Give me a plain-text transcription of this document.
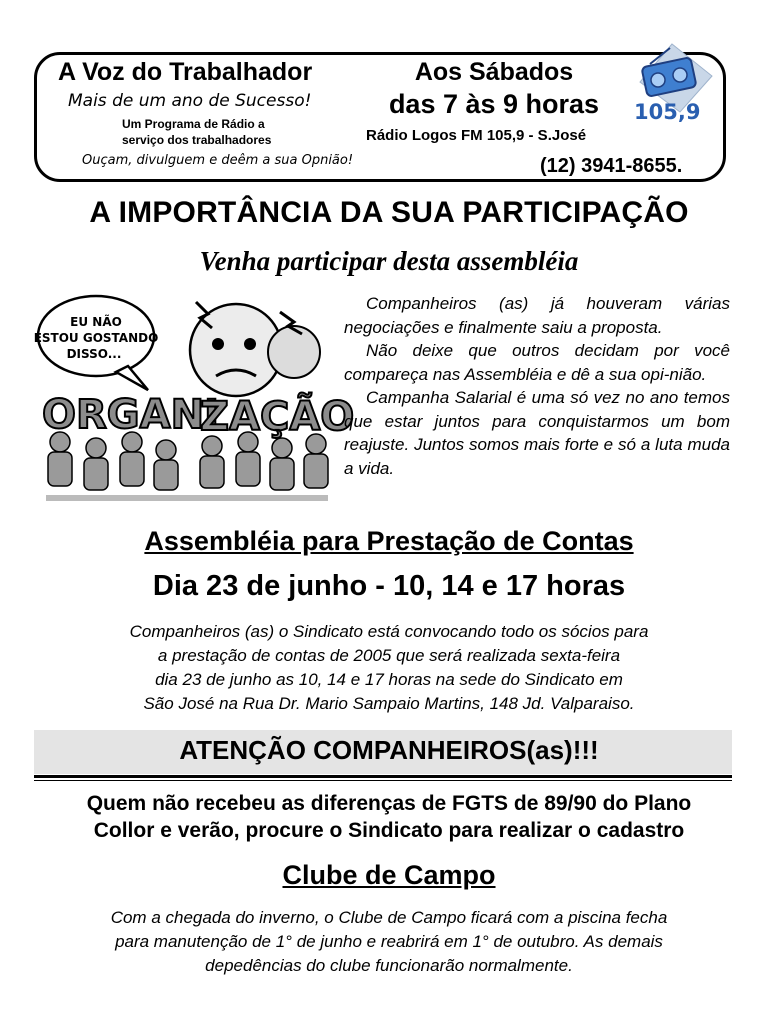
A Voz do Trabalhador
Mais de um ano de Sucesso!
Um Programa de Rádio a
serviço dos trabalhadores
Ouçam, divulguem e deêm a sua Opnião!
Aos Sábados
das 7 às 9 horas
Rádio Logos FM 105,9 - S.José
(12) 3941-8655.
105,9
A IMPORTÂNCIA DA SUA PARTICIPAÇÃO
Venha participar desta assembléia
EU NÃO
ESTOU GOSTANDO
DISSO...
ORGANI
ZAÇÃO

Companheiros (as) já houveram várias negociações e finalmente saiu a proposta.

Não deixe que outros decidam por você compareça nas Assembléia e dê a sua opi-nião.

Campanha Salarial é uma só vez no ano temos que estar juntos para conquistarmos um bom reajuste. Juntos somos mais forte e só a luta muda a vida.

Assembléia para Prestação de Contas
Dia 23 de junho - 10, 14 e 17 horas
Companheiros (as) o Sindicato está convocando todo os sócios para
a prestação de contas de 2005 que será realizada sexta-feira
dia 23 de junho as 10, 14 e 17 horas na sede do Sindicato em
São José na Rua Dr. Mario Sampaio Martins, 148 Jd. Valparaiso.
ATENÇÃO COMPANHEIROS(as)!!!
Quem não recebeu as diferenças de FGTS de 89/90 do Plano
Collor e verão, procure o Sindicato para realizar o cadastro
Clube de Campo
Com a chegada do inverno, o Clube de Campo ficará com a piscina fecha
para manutenção de 1° de junho e reabrirá em 1° de outubro. As demais
depedências do clube funcionarão normalmente.
